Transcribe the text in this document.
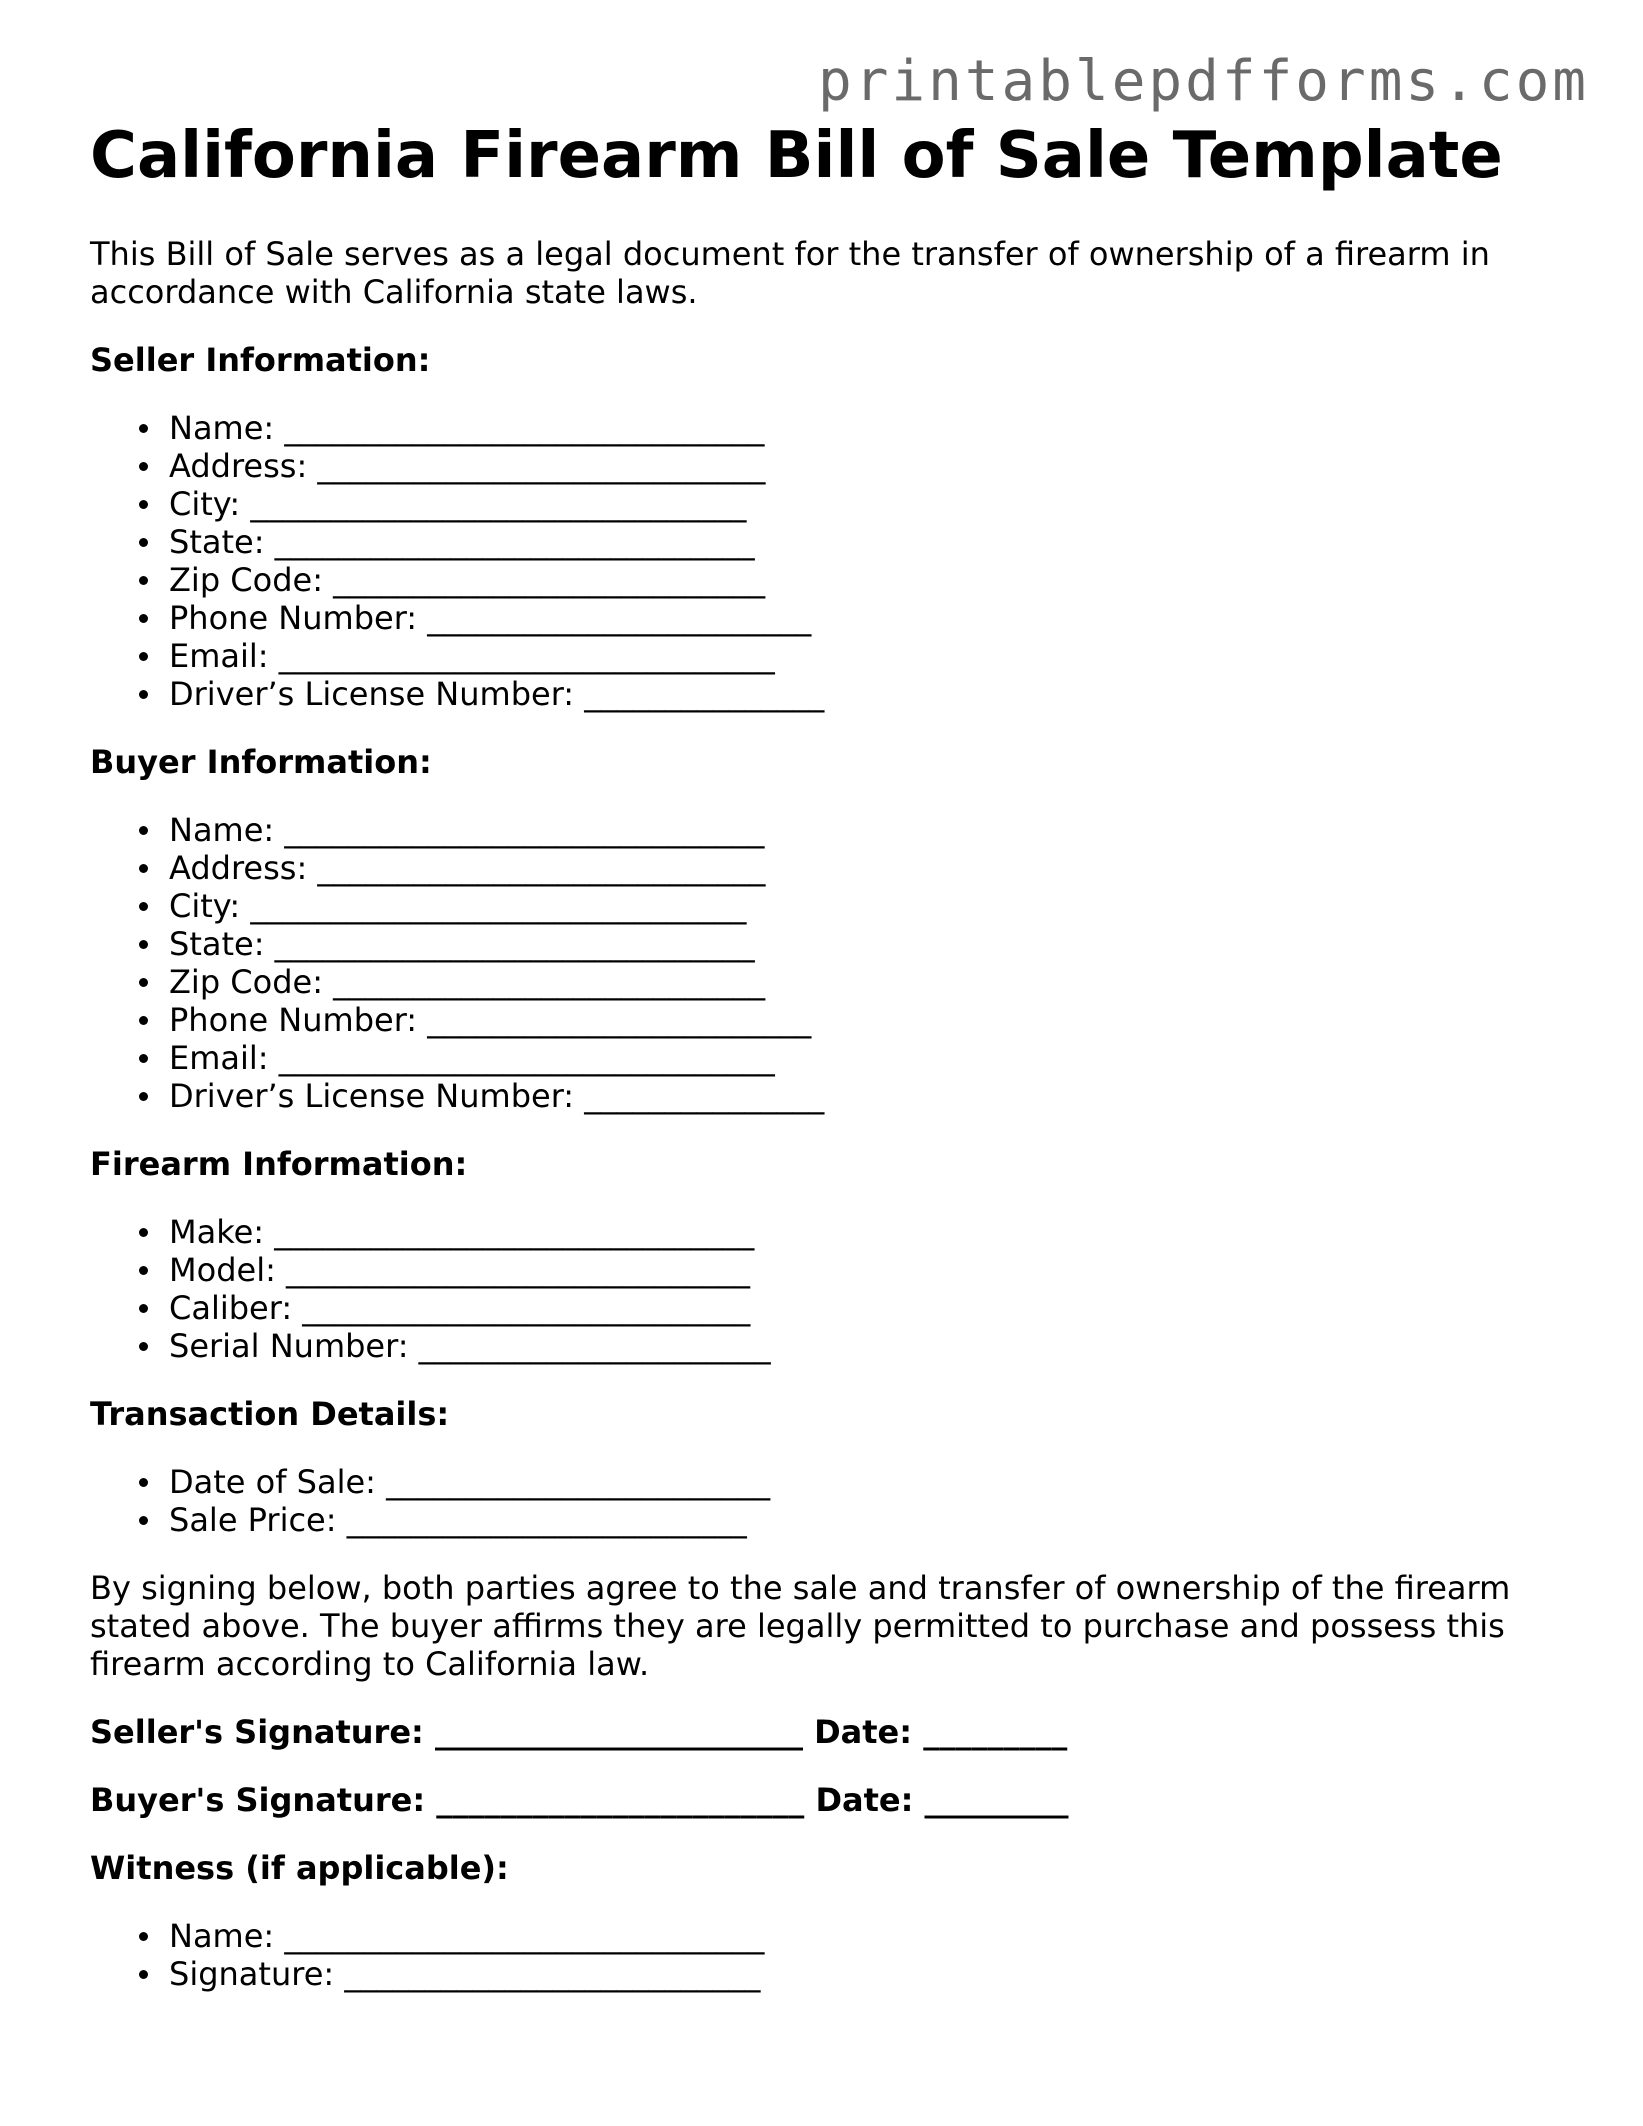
printablepdfforms.com
California Firearm Bill of Sale Template

This Bill of Sale serves as a legal document for the transfer of ownership of a firearm in accordance with California state laws.

Seller Information:
Name: ______________________________
Address: ____________________________
City: _______________________________
State: ______________________________
Zip Code: ___________________________
Phone Number: ________________________
Email: _______________________________
Driver’s License Number: _______________
Buyer Information:
Name: ______________________________
Address: ____________________________
City: _______________________________
State: ______________________________
Zip Code: ___________________________
Phone Number: ________________________
Email: _______________________________
Driver’s License Number: _______________
Firearm Information:
Make: ______________________________
Model: _____________________________
Caliber: ____________________________
Serial Number: ______________________
Transaction Details:
Date of Sale: ________________________
Sale Price: _________________________

By signing below, both parties agree to the sale and transfer of ownership of the firearm stated above. The buyer affirms they are legally permitted to purchase and possess this firearm according to California law.

Seller's Signature: _______________________ Date: _________

Buyer's Signature: _______________________ Date: _________

Witness (if applicable):
Name: ______________________________
Signature: __________________________
